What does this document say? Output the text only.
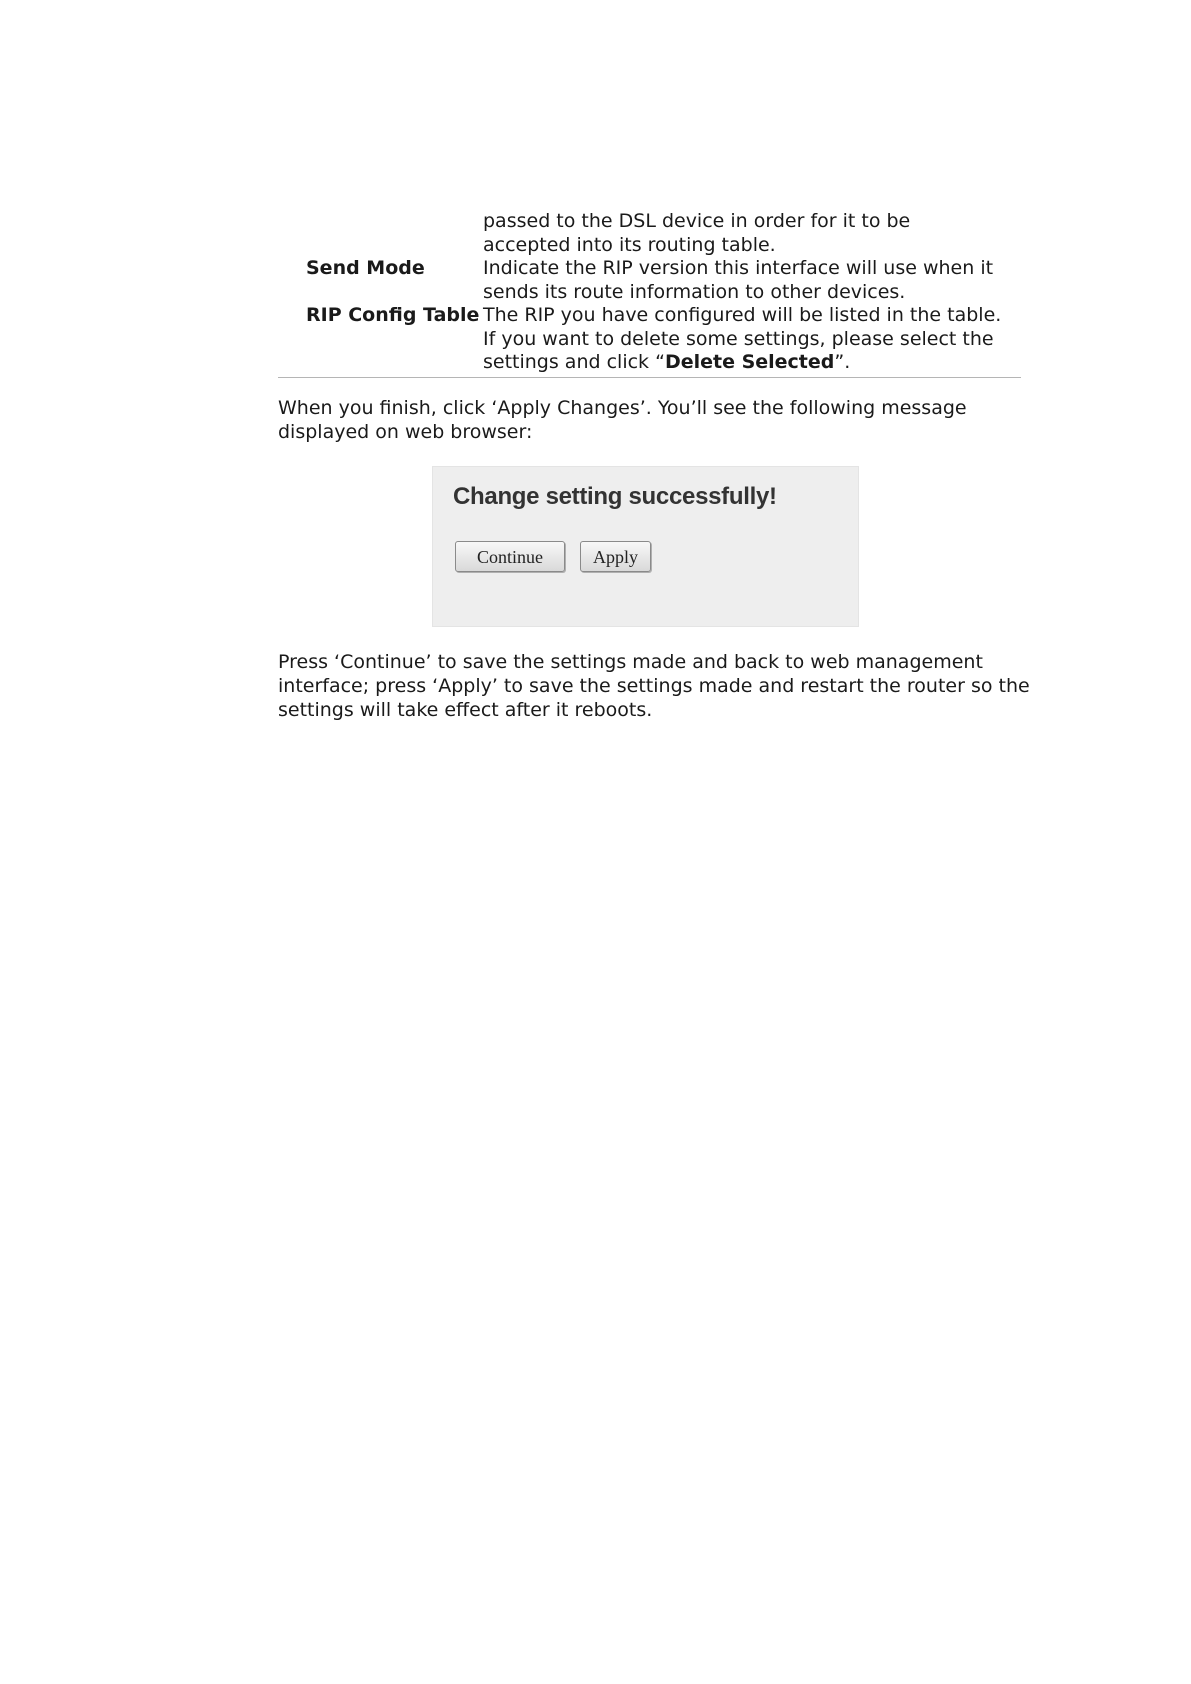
passed to the DSL device in order for it to be
accepted into its routing table.
Send Mode	Indicate the RIP version this interface will use when it
sends its route information to other devices.
RIP Config Table The RIP you have configured will be listed in the table.
If you want to delete some settings, please select the
settings and click “Delete Selected”.

When you finish, click ‘Apply Changes’. You’ll see the following message
displayed on web browser:

Change setting successfully!
Continue	Apply

Press ‘Continue’ to save the settings made and back to web management
interface; press ‘Apply’ to save the settings made and restart the router so the
settings will take effect after it reboots.
